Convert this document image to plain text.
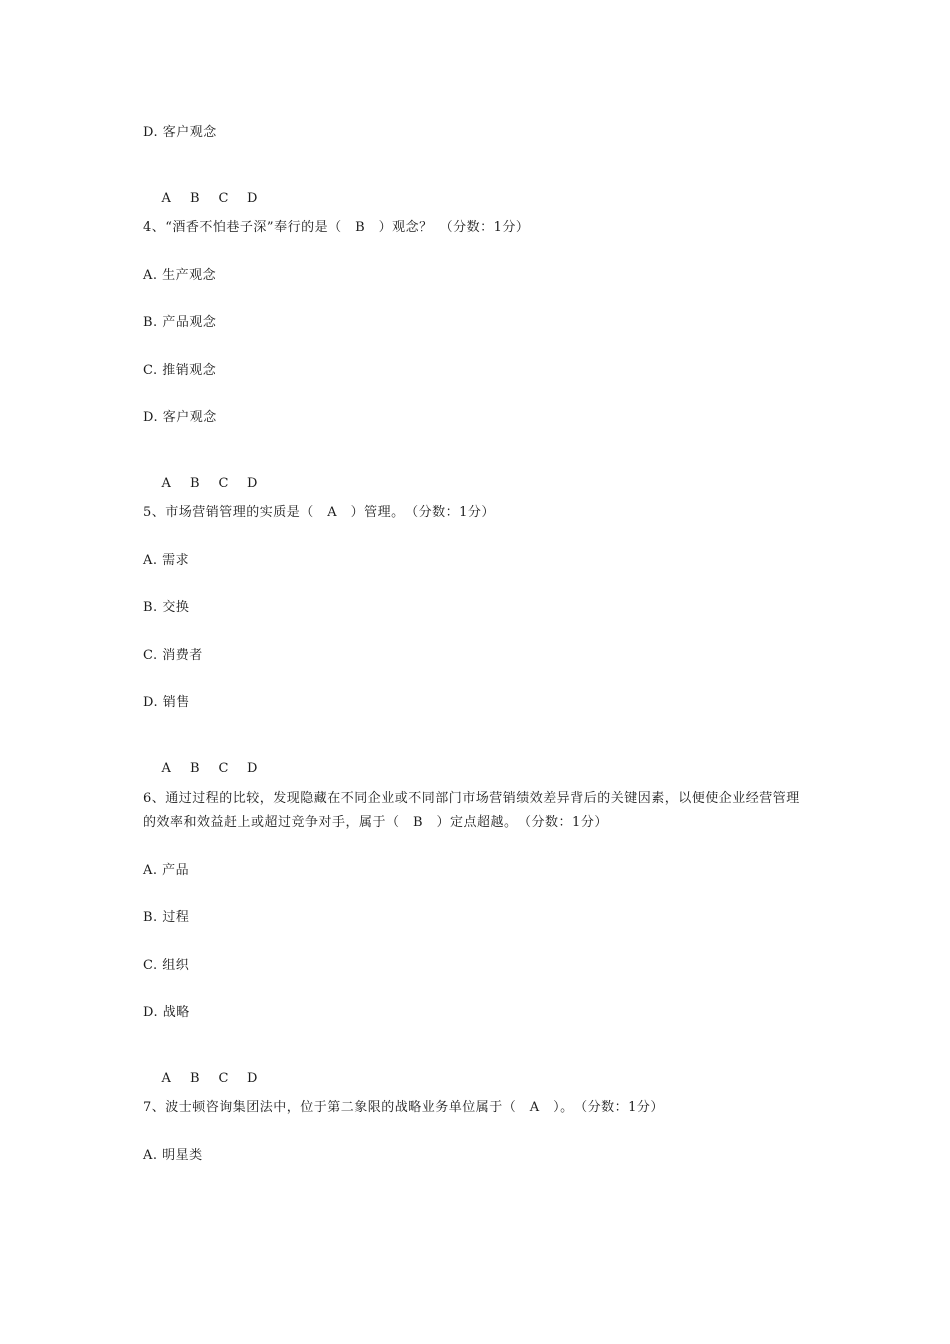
D. 客户观念

A B C D

4、“酒香不怕巷子深”奉行的是（　B　）观念？　（分数：1分）
A. 生产观念
B. 产品观念
C. 推销观念
D. 客户观念

A B C D

5、市场营销管理的实质是（　A　）管理。　（分数：1分）
A. 需求
B. 交换
C. 消费者
D. 销售

A B C D

6、通过过程的比较，发现隐藏在不同企业或不同部门市场营销绩效差异背后的关键因素，以便使企业经营管理的效率和效益赶上或超过竞争对手，属于（　B　）定点超越。　（分数：1分）
A. 产品
B. 过程
C. 组织
D. 战略

A B C D

7、波士顿咨询集团法中，位于第二象限的战略业务单位属于（　A　）。　（分数：1分）
A. 明星类
